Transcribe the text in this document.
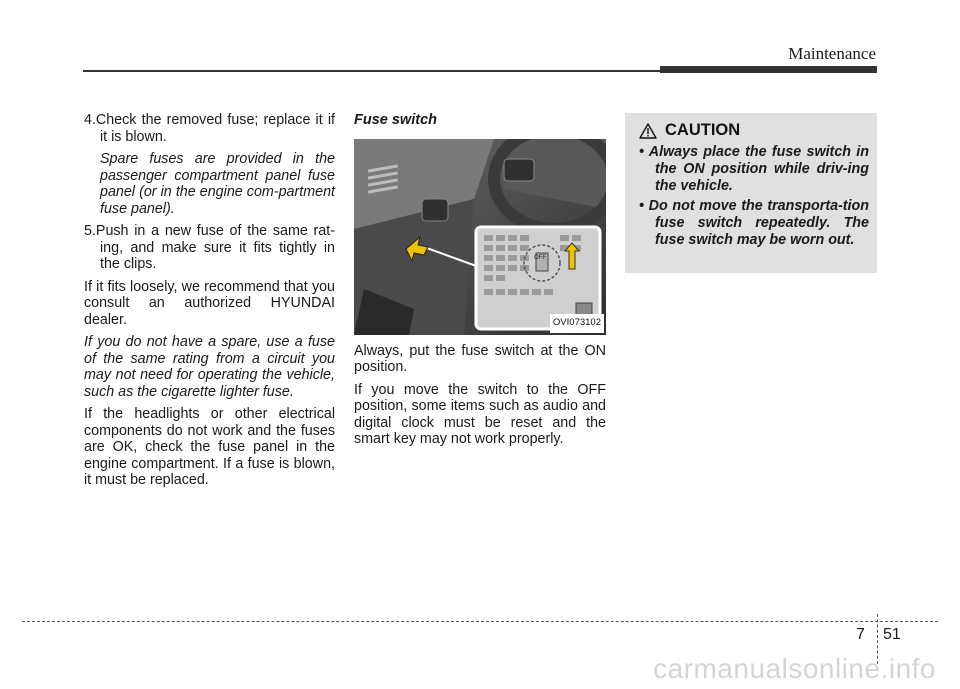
Maintenance

4.Check the removed fuse; replace it if it is blown.

Spare fuses are provided in the passenger compartment panel fuse panel (or in the engine com-partment fuse panel).

5.Push in a new fuse of the same rat-ing, and make sure it fits tightly in the clips.

If it fits loosely, we recommend that you consult an authorized HYUNDAI dealer.

If you do not have a spare, use a fuse of the same rating from a circuit you may not need for operating the vehicle, such as the cigarette lighter fuse.

If the headlights or other electrical components do not work and the fuses are OK, check the fuse panel in the engine compartment. If a fuse is blown, it must be replaced.

Fuse switch
OFF
OVI073102

Always, put the fuse switch at the ON position.

If you move the switch to the OFF position, some items such as audio and digital clock must be reset and the smart key may not work properly.

CAUTION
• Always place the fuse switch in the ON position while driv-ing the vehicle.
• Do not move the transporta-tion fuse switch repeatedly. The fuse switch may be worn out.
7 51
carmanualsonline.info
